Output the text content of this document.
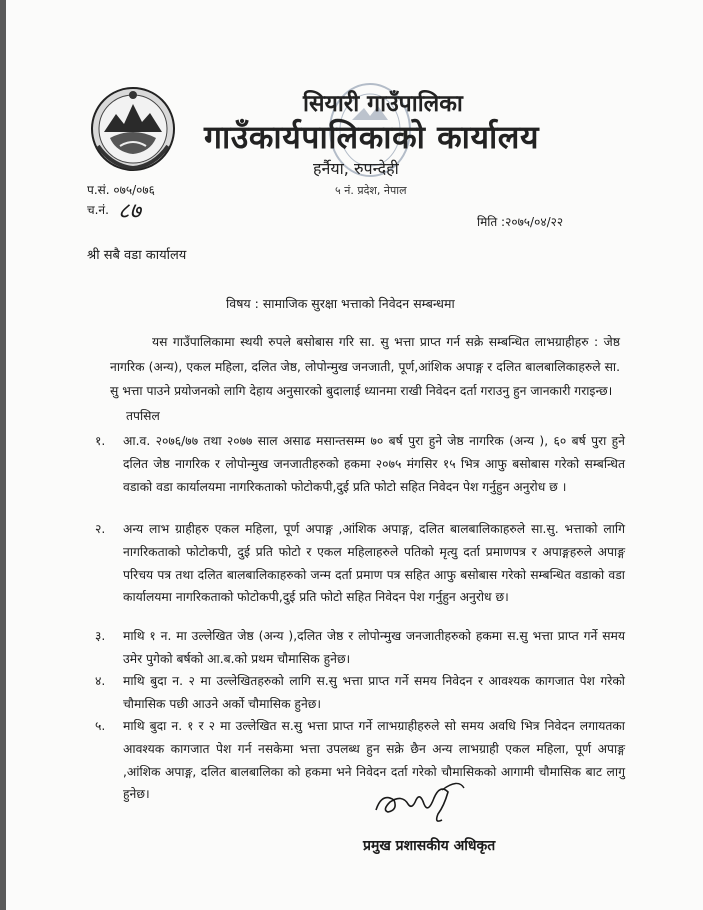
सियारी गाउँपालिका
गाउँकार्यपालिकाको कार्यालय
हर्नैया, रुपन्देही
५ नं. प्रदेश, नेपाल
प.सं. ०७५/०७६
च.नं. ८७	मिति :२०७५/०४/२२
श्री सबै वडा कार्यालय
विषय : सामाजिक सुरक्षा भत्ताको निवेदन सम्बन्धमा
यस गाउँपालिकामा स्थयी रुपले बसोबास गरि सा. सु भत्ता प्राप्त गर्न सक्रे सम्बन्धित लाभग्राहीहरु : जेष्ठ नागरिक (अन्य), एकल महिला, दलित जेष्ठ, लोपोन्मुख जनजाती, पूर्ण,आंशिक अपाङ्ग र दलित बालबालिकाहरुले सा. सु भत्ता पाउने प्रयोजनको लागि देहाय अनुसारको बुदालाई ध्यानमा राखी निवेदन दर्ता गराउनु हुन जानकारी गराइन्छ।
तपसिल
१.	आ.व. २०७६/७७ तथा २०७७ साल असाढ मसान्तसम्म ७० बर्ष पुरा हुने जेष्ठ नागरिक (अन्य ), ६० बर्ष पुरा हुने दलित जेष्ठ नागरिक र लोपोन्मुख जनजातीहरुको हकमा २०७५ मंगसिर १५ भित्र आफु बसोबास गरेको सम्बन्धित वडाको वडा कार्यालयमा नागरिकताको फोटोकपी,दुई प्रति फोटो सहित निवेदन पेश गर्नुहुन अनुरोध छ ।
२.	अन्य लाभ ग्राहीहरु एकल महिला, पूर्ण अपाङ्ग ,आंशिक अपाङ्ग, दलित बालबालिकाहरुले सा.सु. भत्ताको लागि नागरिकताको फोटोकपी, दुई प्रति फोटो र एकल महिलाहरुले पतिको मृत्यु दर्ता प्रमाणपत्र र अपाङ्गहरुले अपाङ्ग परिचय पत्र तथा दलित बालबालिकाहरुको जन्म दर्ता प्रमाण पत्र सहित आफु बसोबास गरेको सम्बन्धित वडाको वडा कार्यालयमा नागरिकताको फोटोकपी,दुई प्रति फोटो सहित निवेदन पेश गर्नुहुन अनुरोध छ।
३.	माथि १ न. मा उल्लेखित जेष्ठ (अन्य ),दलित जेष्ठ र लोपोन्मुख जनजातीहरुको हकमा स.सु भत्ता प्राप्त गर्ने समय उमेर पुगेको बर्षको आ.ब.को प्रथम चौमासिक हुनेछ।
४.	माथि बुदा न. २ मा उल्लेखितहरुको लागि स.सु भत्ता प्राप्त गर्ने समय निवेदन र आवश्यक कागजात पेश गरेको चौमासिक पछी आउने अर्को चौमासिक हुनेछ।
५.	माथि बुदा न. १ र २ मा उल्लेखित स.सु भत्ता प्राप्त गर्ने लाभग्राहीहरुले सो समय अवधि भित्र निवेदन लगायतका आवश्यक कागजात पेश गर्न नसकेमा भत्ता उपलब्ध हुन सक्रे छैन अन्य लाभग्राही एकल महिला, पूर्ण अपाङ्ग ,आंशिक अपाङ्ग, दलित बालबालिका को हकमा भने निवेदन दर्ता गरेको चौमासिकको आगामी चौमासिक बाट लागु हुनेछ।
प्रमुख प्रशासकीय अधिकृत
